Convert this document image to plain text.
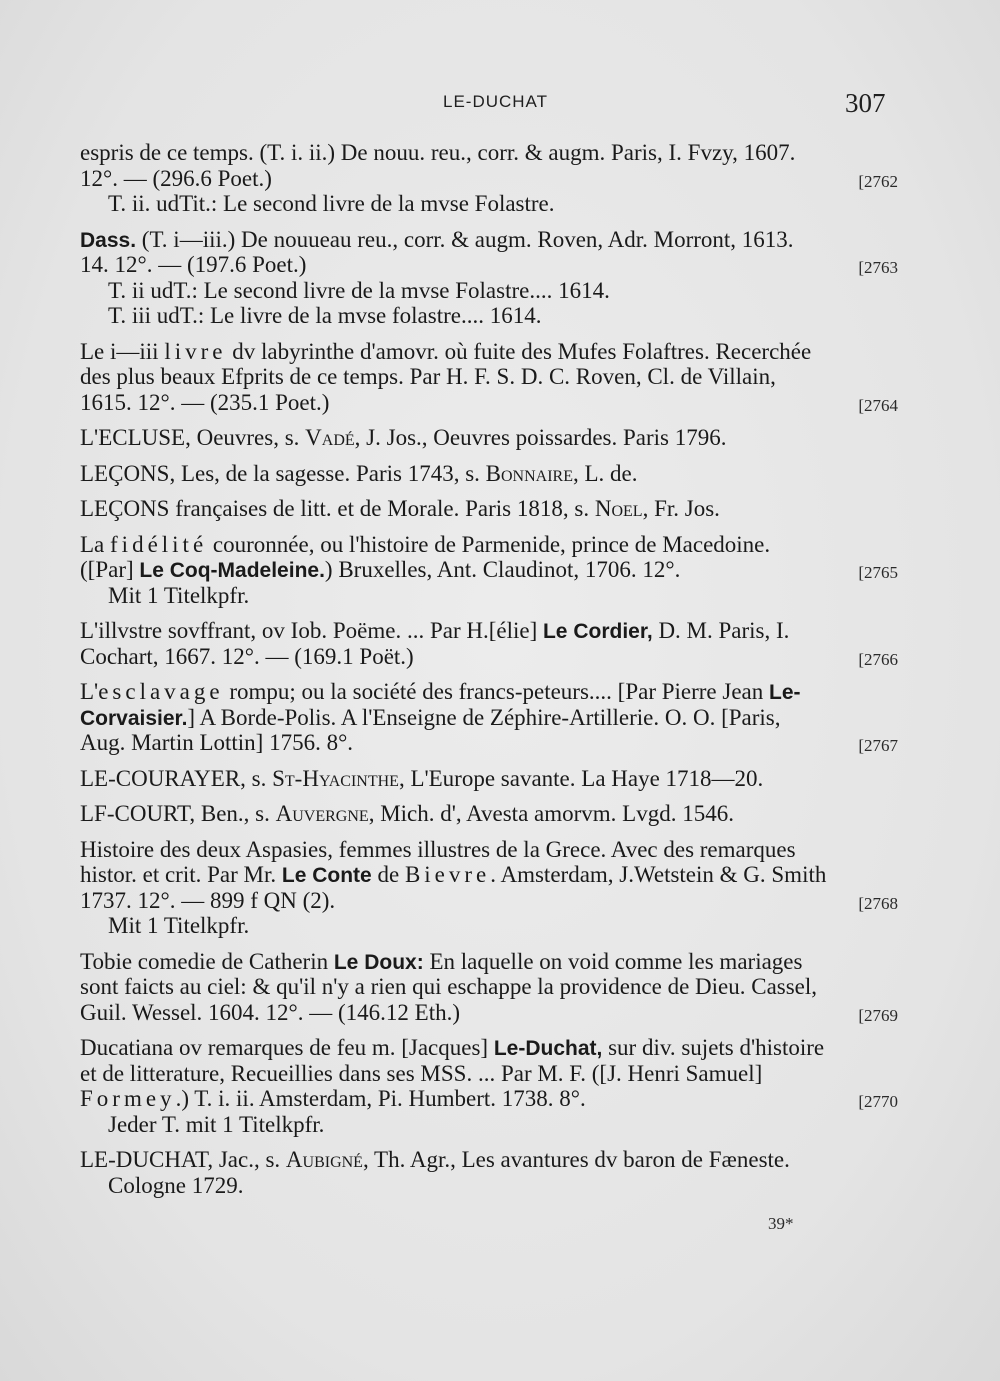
LE-DUCHAT	307
espris de ce temps. (T. i. ii.) De nouu. reu., corr. & augm. Paris, I. Fvzy, 1607.
12°. — (296.6 Poet.)	[2762
T. ii. udTit.: Le second livre de la mvse Folastre.
Dass. (T. i—iii.) De nouueau reu., corr. & augm. Roven, Adr. Morront, 1613.
14. 12°. — (197.6 Poet.)	[2763
T. ii udT.: Le second livre de la mvse Folastre.... 1614.
T. iii udT.: Le livre de la mvse folastre.... 1614.
Le i—iii livre dv labyrinthe d'amovr. où fuite des Mufes Folaftres. Recerchée
des plus beaux Efprits de ce temps. Par H. F. S. D. C. Roven, Cl. de Villain,
1615. 12°. — (235.1 Poet.)	[2764
L'ECLUSE, Oeuvres, s. Vadé, J. Jos., Oeuvres poissardes. Paris 1796.
LEÇONS, Les, de la sagesse. Paris 1743, s. Bonnaire, L. de.
LEÇONS françaises de litt. et de Morale. Paris 1818, s. Noel, Fr. Jos.
La fidélité couronnée, ou l'histoire de Parmenide, prince de Macedoine.
([Par] Le Coq-Madeleine.) Bruxelles, Ant. Claudinot, 1706. 12°.	[2765
Mit 1 Titelkpfr.
L'illvstre sovffrant, ov Iob. Poëme. ... Par H.[élie] Le Cordier, D. M. Paris, I.
Cochart, 1667. 12°. — (169.1 Poët.)	[2766
L'esclavage rompu; ou la société des francs-peteurs.... [Par Pierre Jean Le-
Corvaisier.] A Borde-Polis. A l'Enseigne de Zéphire-Artillerie. O. O. [Paris,
Aug. Martin Lottin] 1756. 8°.	[2767
LE-COURAYER, s. St-Hyacinthe, L'Europe savante. La Haye 1718—20.
LF-COURT, Ben., s. Auvergne, Mich. d', Avesta amorvm. Lvgd. 1546.
Histoire des deux Aspasies, femmes illustres de la Grece. Avec des remarques
histor. et crit. Par Mr. Le Conte de Bievre. Amsterdam, J.Wetstein & G. Smith
1737. 12°. — 899 f QN (2).	[2768
Mit 1 Titelkpfr.
Tobie comedie de Catherin Le Doux: En laquelle on void comme les mariages
sont faicts au ciel: & qu'il n'y a rien qui eschappe la providence de Dieu. Cassel,
Guil. Wessel. 1604. 12°. — (146.12 Eth.)	[2769
Ducatiana ov remarques de feu m. [Jacques] Le-Duchat, sur div. sujets d'histoire
et de litterature, Recueillies dans ses MSS. ... Par M. F. ([J. Henri Samuel]
Formey.) T. i. ii. Amsterdam, Pi. Humbert. 1738. 8°.	[2770
Jeder T. mit 1 Titelkpfr.
LE-DUCHAT, Jac., s. Aubigné, Th. Agr., Les avantures dv baron de Fæneste.
Cologne 1729.
39*
